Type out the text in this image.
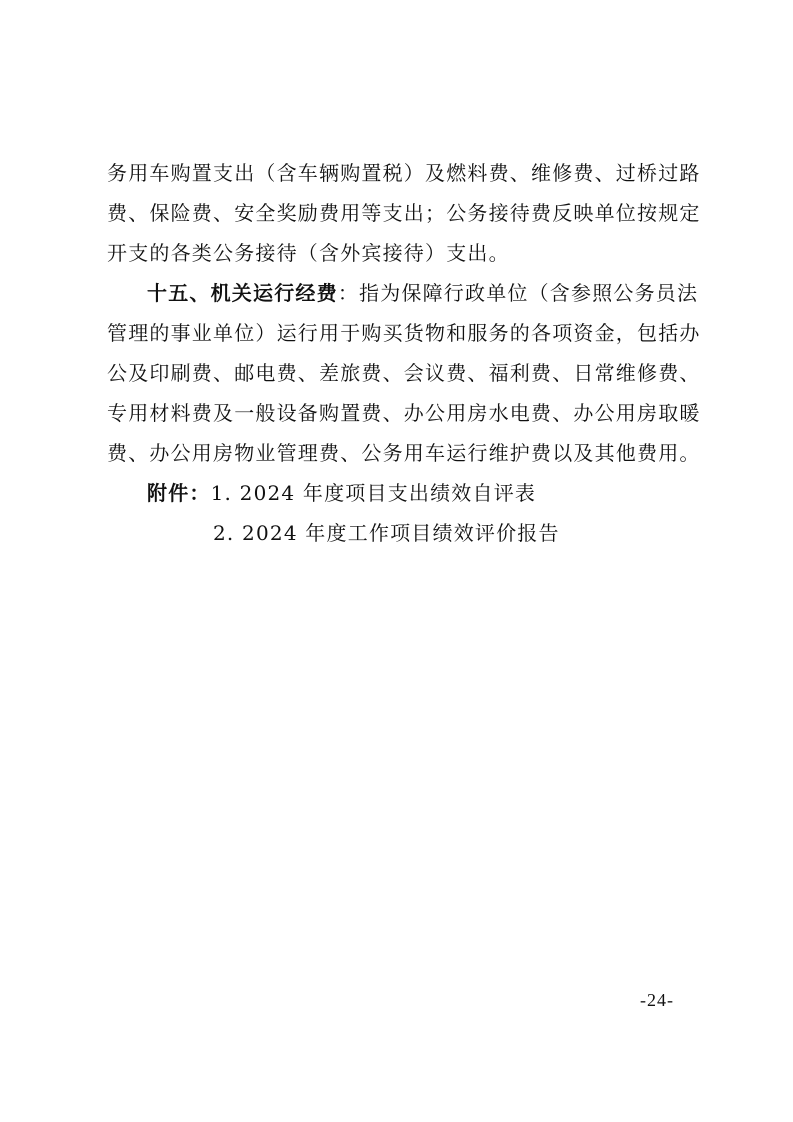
务用车购置支出（含车辆购置税）及燃料费、维修费、过桥过路
费、保险费、安全奖励费用等支出；公务接待费反映单位按规定
开支的各类公务接待（含外宾接待）支出。
十五、机关运行经费：指为保障行政单位（含参照公务员法
管理的事业单位）运行用于购买货物和服务的各项资金，包括办
公及印刷费、邮电费、差旅费、会议费、福利费、日常维修费、
专用材料费及一般设备购置费、办公用房水电费、办公用房取暖
费、办公用房物业管理费、公务用车运行维护费以及其他费用。
附件：1. 2024 年度项目支出绩效自评表
2. 2024 年度工作项目绩效评价报告
-24-
